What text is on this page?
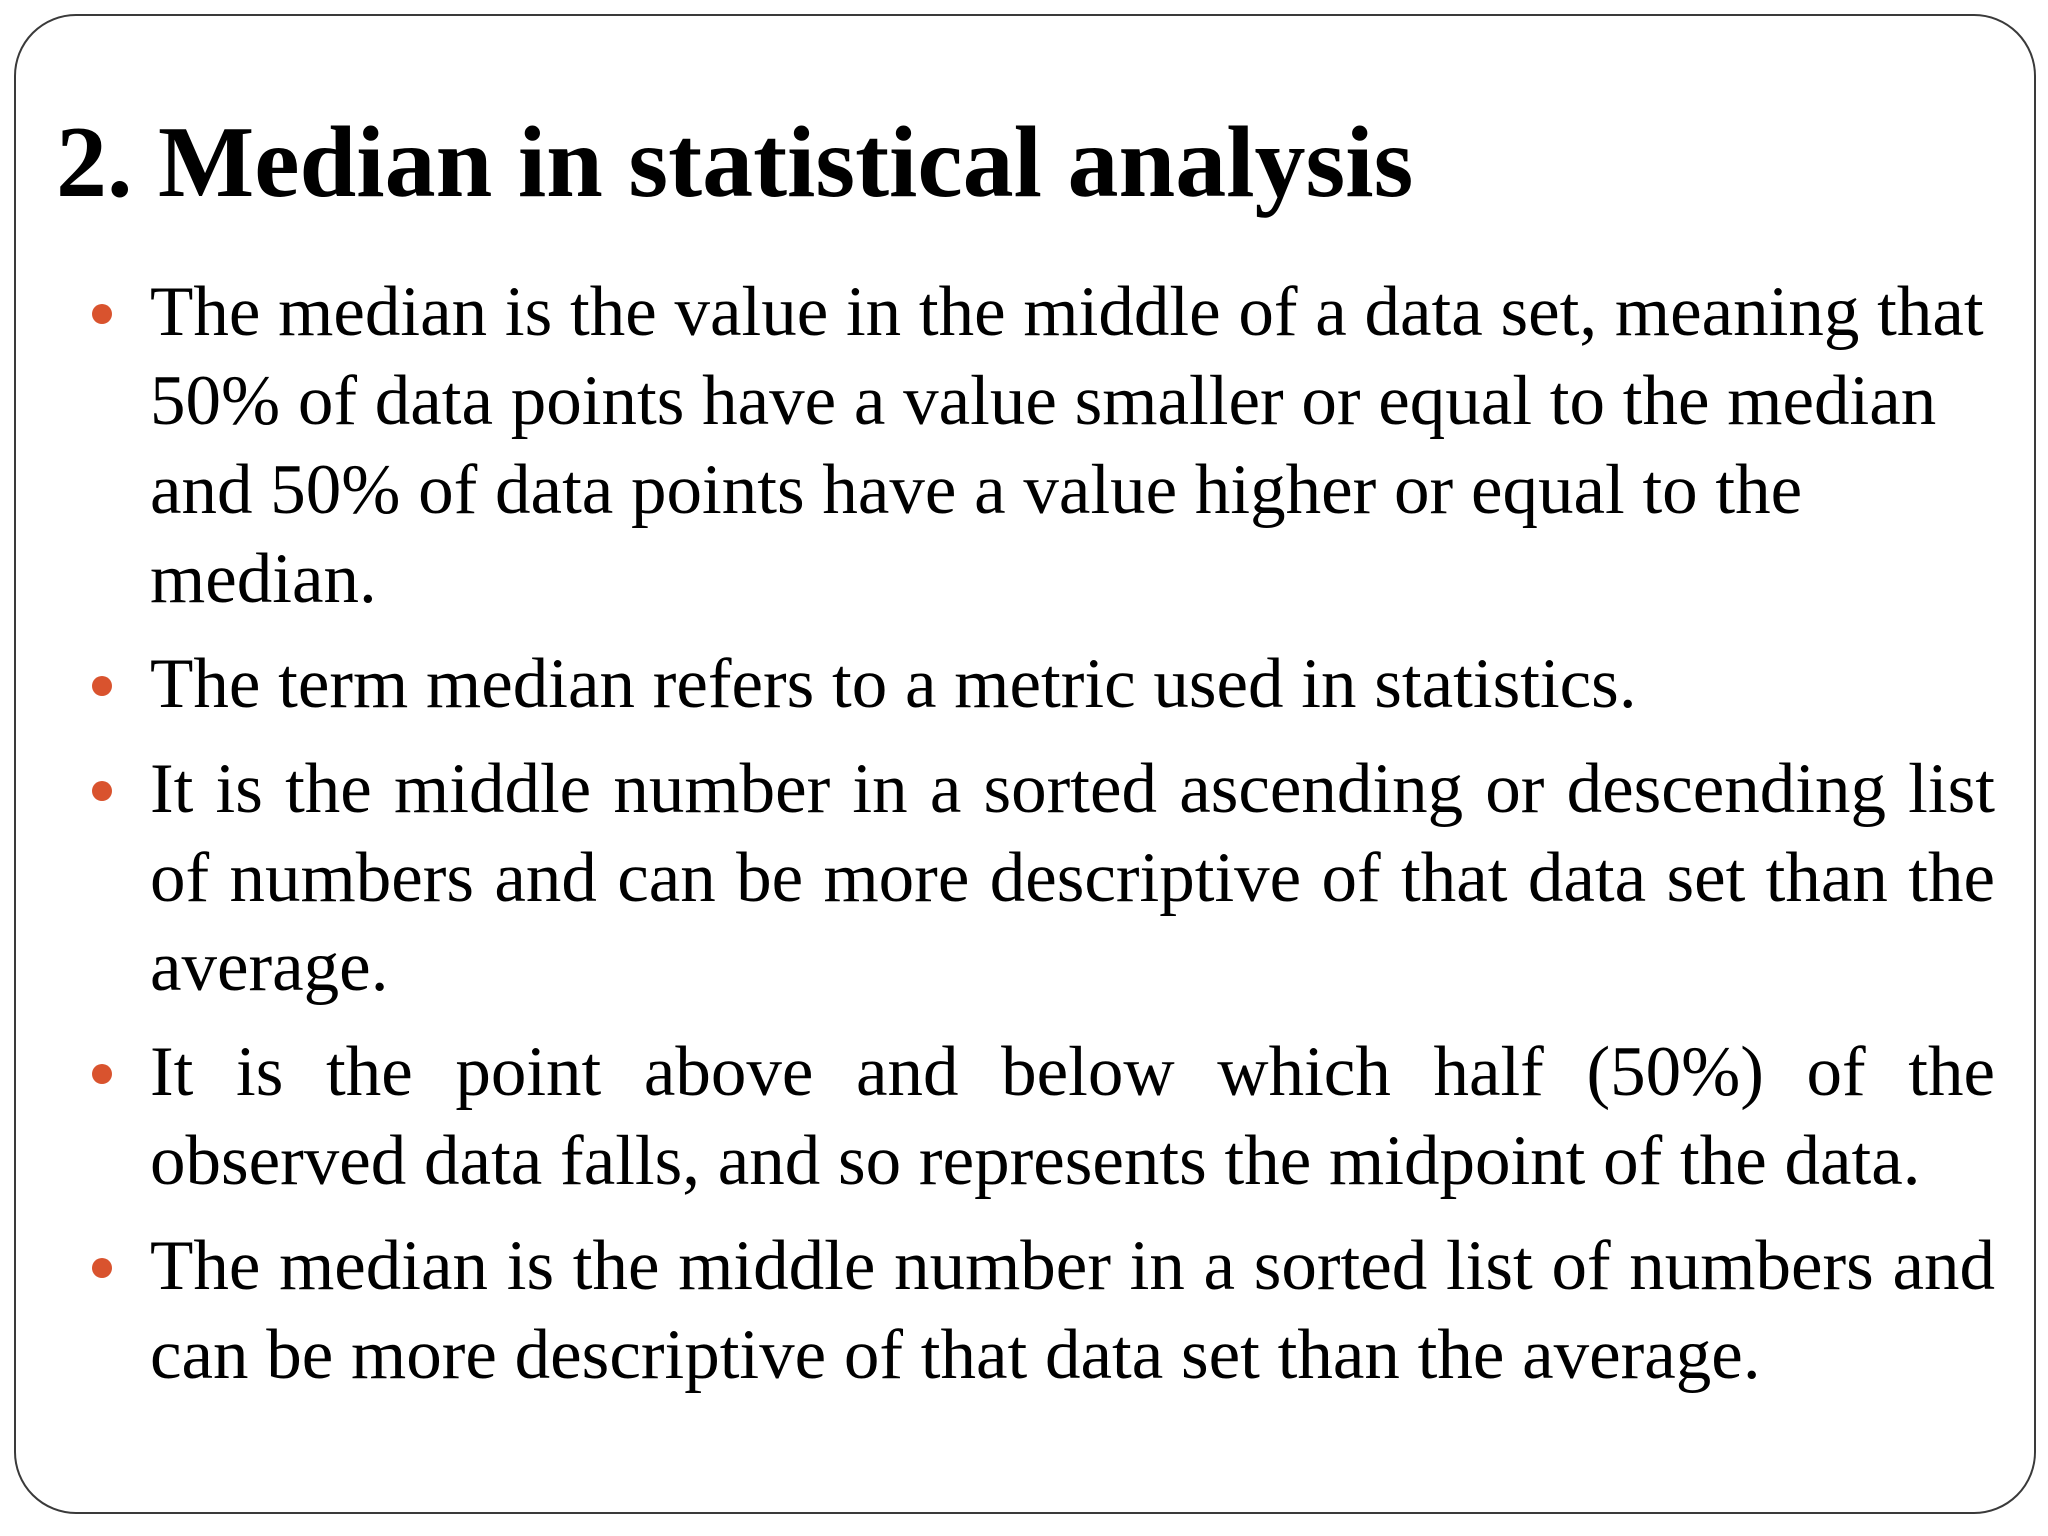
2. Median in statistical analysis
The median is the value in the middle of a data set, meaning that 50% of data points have a value smaller or equal to the median and 50% of data points have a value higher or equal to the median.
The term median refers to a metric used in statistics.
It is the middle number in a sorted ascending or descending list of numbers and can be more descriptive of that data set than the average.
It is the point above and below which half (50%) of the observed data falls, and so represents the midpoint of the data.
The median is the middle number in a sorted list of numbers and can be more descriptive of that data set than the average.
